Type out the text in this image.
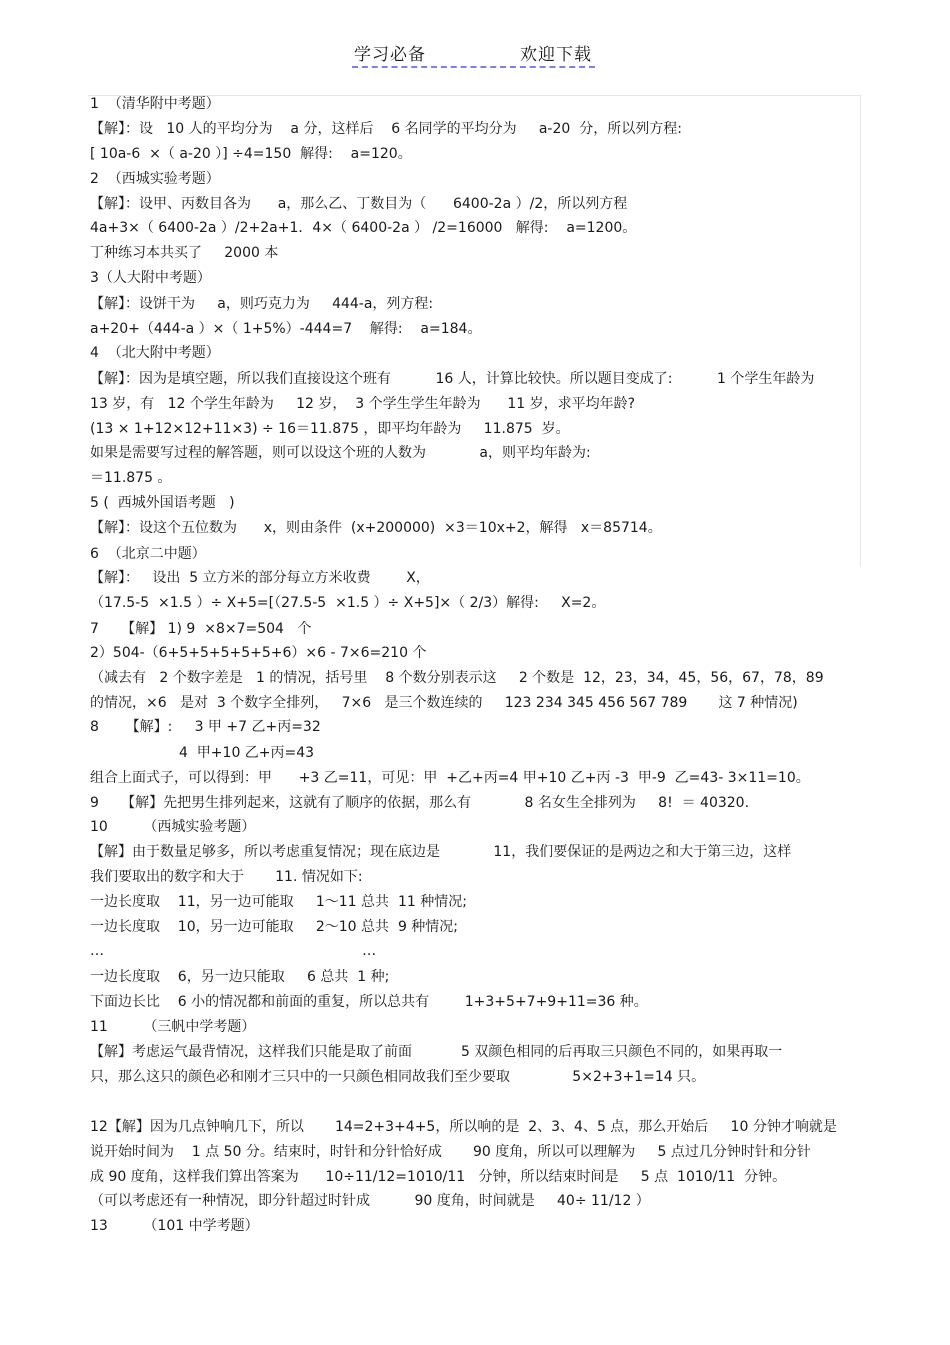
学习必备	欢迎下载
1  （清华附中考题）
【解】：设   10 人的平均分为    a 分，这样后    6 名同学的平均分为     a-20  分，所以列方程:
[ 10a-6  ×（ a-20 ）] ÷4=150  解得:    a=120。
2  （西城实验考题）
【解】：设甲、丙数目各为      a，那么乙、丁数目为（      6400-2a ）/2，所以列方程
4a+3×（ 6400-2a ）/2+2a+1．4×（ 6400-2a ） /2=16000   解得:    a=1200。
丁种练习本共买了     2000 本
3（人大附中考题）
【解】：设饼干为     a，则巧克力为     444-a，列方程:
a+20+（444-a ）×（ 1+5%）-444=7    解得:    a=184。
4  （北大附中考题）
【解】：因为是填空题，所以我们直接设这个班有          16 人，计算比较快。所以题目变成了:          1 个学生年龄为
13 岁，有   12 个学生年龄为     12 岁，  3 个学生学生年龄为      11 岁，求平均年龄?
(13 × 1+12×12+11×3) ÷ 16＝11.875 ，即平均年龄为     11.875  岁。
如果是需要写过程的解答题，则可以设这个班的人数为            a，则平均年龄为:
＝11.875 。
5 (  西城外国语考题   )
【解】：设这个五位数为      x，则由条件  (x+200000)  ×3＝10x+2，解得   x＝85714。
6  （北京二中题）
【解】：   设出  5 立方米的部分每立方米收费        X，
（17.5-5  ×1.5 ）÷ X+5=[（27.5-5  ×1.5 ）÷ X+5]×（ 2/3）解得:     X=2。
7     【解】 1) 9  ×8×7=504   个
2）504-（6+5+5+5+5+5+6）×6 - 7×6=210 个
（减去有   2 个数字差是   1 的情况，括号里    8 个数分别表示这     2 个数是  12，23，34，45，56，67，78，89
的情况，×6   是对  3 个数字全排列，   7×6   是三个数连续的     123 234 345 456 567 789       这 7 种情况)
8      【解】:     3 甲 +7 乙+丙=32
4  甲+10 乙+丙=43
组合上面式子，可以得到：甲      +3 乙=11，可见：甲  +乙+丙=4 甲+10 乙+丙 -3  甲-9  乙=43- 3×11=10。
9     【解】先把男生排列起来，这就有了顺序的依据，那么有            8 名女生全排列为     8!  ＝ 40320.
10        （西城实验考题）
【解】由于数量足够多，所以考虑重复情况；现在底边是            11，我们要保证的是两边之和大于第三边，这样
我们要取出的数字和大于       11. 情况如下:
一边长度取    11，另一边可能取     1～11 总共  11 种情况;
一边长度取    10，另一边可能取     2～10 总共  9 种情况;
…                                                          …
一边长度取    6，另一边只能取     6 总共  1 种;
下面边长比    6 小的情况都和前面的重复，所以总共有        1+3+5+7+9+11=36 种。
11        （三帆中学考题）
【解】考虑运气最背情况，这样我们只能是取了前面           5 双颜色相同的后再取三只颜色不同的，如果再取一
只，那么这只的颜色必和刚才三只中的一只颜色相同故我们至少要取              5×2+3+1=14 只。
12【解】因为几点钟响几下，所以       14=2+3+4+5，所以响的是  2、3、4、5 点，那么开始后     10 分钟才响就是
说开始时间为    1 点 50 分。结束时，时针和分针恰好成       90 度角，所以可以理解为     5 点过几分钟时针和分针
成 90 度角，这样我们算出答案为      10÷11/12=1010/11   分钟，所以结束时间是     5 点  1010/11  分钟。
（可以考虑还有一种情况，即分针超过时针成          90 度角，时间就是     40÷ 11/12 ）
13        （101 中学考题）
